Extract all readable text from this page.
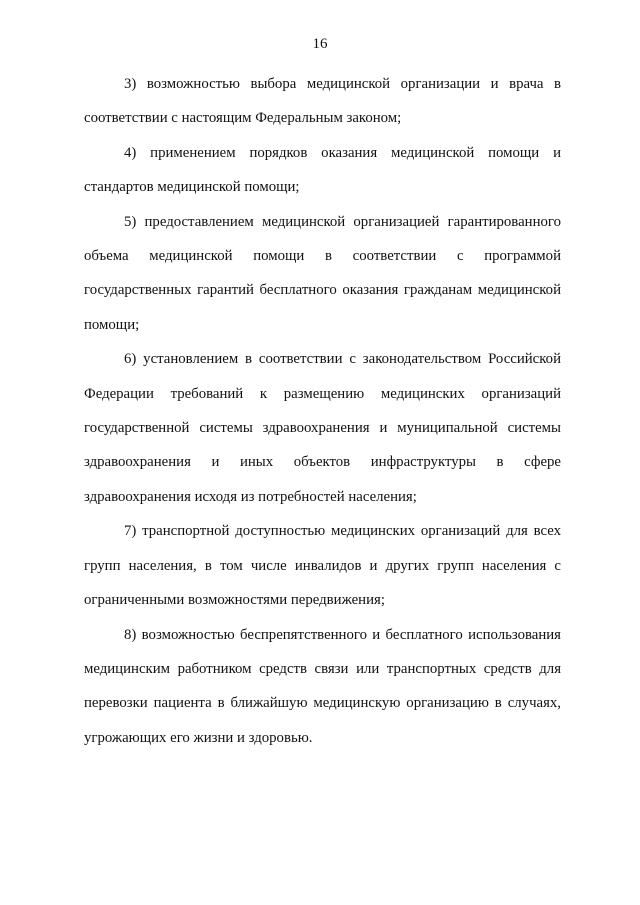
16
3) возможностью выбора медицинской организации и врача в
соответствии с настоящим Федеральным законом;
4) применением порядков оказания медицинской помощи и
стандартов медицинской помощи;
5) предоставлением медицинской организацией гарантированного
объема медицинской помощи в соответствии с программой
государственных гарантий бесплатного оказания гражданам медицинской
помощи;
6) установлением в соответствии с законодательством Российской
Федерации требований к размещению медицинских организаций
государственной системы здравоохранения и муниципальной системы
здравоохранения и иных объектов инфраструктуры в сфере
здравоохранения исходя из потребностей населения;
7) транспортной доступностью медицинских организаций для всех
групп населения, в том числе инвалидов и других групп населения с
ограниченными возможностями передвижения;
8) возможностью беспрепятственного и бесплатного использования
медицинским работником средств связи или транспортных средств для
перевозки пациента в ближайшую медицинскую организацию в случаях,
угрожающих его жизни и здоровью.
